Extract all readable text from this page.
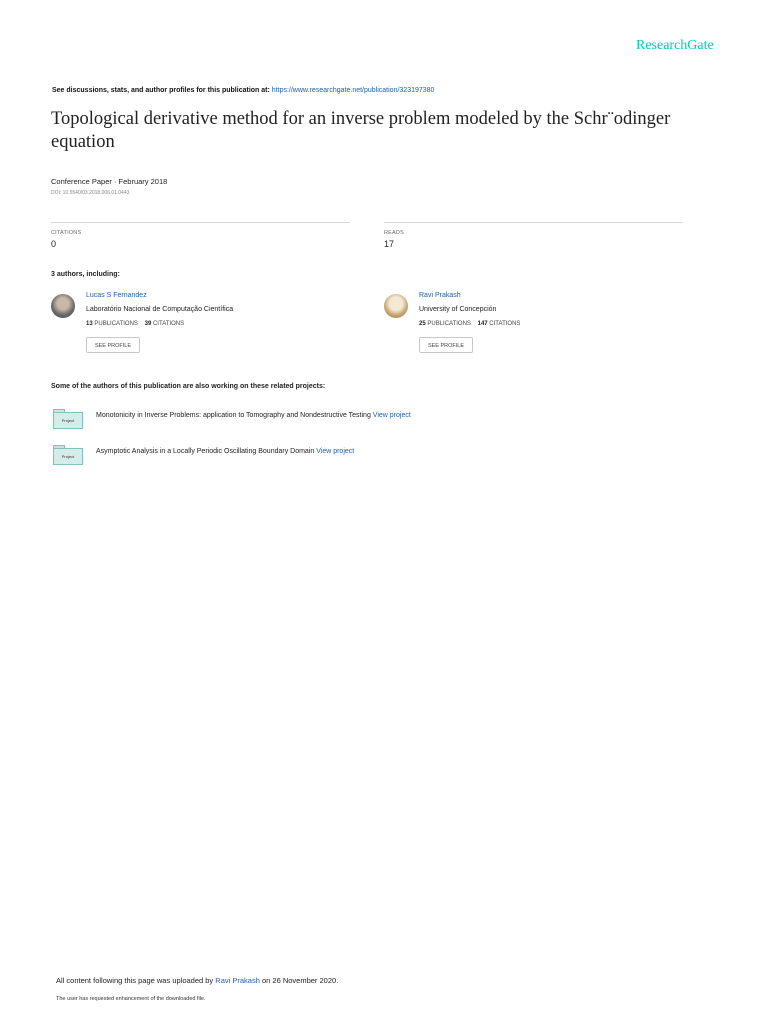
ResearchGate
See discussions, stats, and author profiles for this publication at: https://www.researchgate.net/publication/323197380
Topological derivative method for an inverse problem modeled by the Schr¨odinger equation
Conference Paper · February 2018
DOI: 10.5540/03.2018.006.01.0443
CITATIONS
0
READS
17
3 authors, including:
Lucas S Fernandez
Laboratório Nacional de Computação Científica
13 PUBLICATIONS 39 CITATIONS
SEE PROFILE
Ravi Prakash
University of Concepción
25 PUBLICATIONS 147 CITATIONS
SEE PROFILE
Some of the authors of this publication are also working on these related projects:
Project
Monotonicity in Inverse Problems: application to Tomography and Nondestructive Testing View project
Project
Asymptotic Analysis in a Locally Periodic Oscillating Boundary Domain View project
All content following this page was uploaded by Ravi Prakash on 26 November 2020.
The user has requested enhancement of the downloaded file.
